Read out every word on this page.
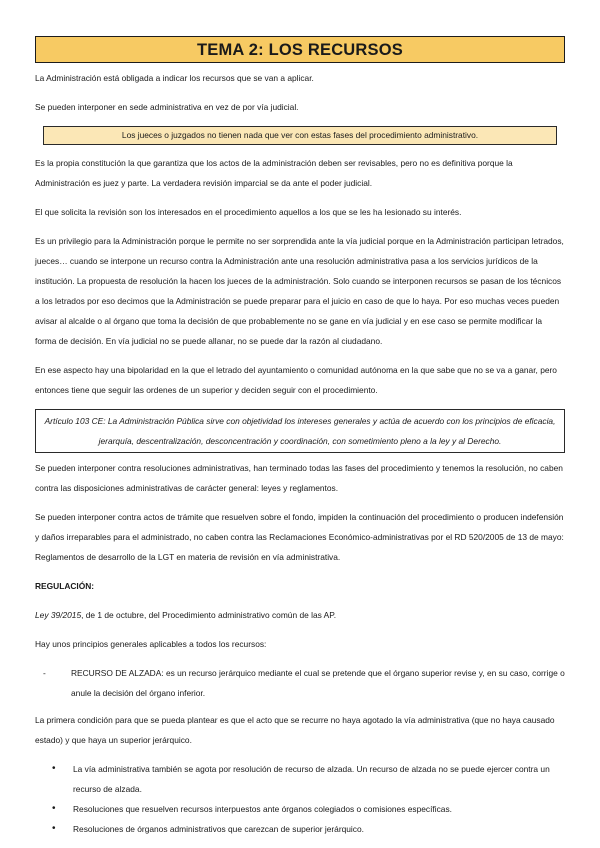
TEMA 2: LOS RECURSOS

La Administración está obligada a indicar los recursos que se van a aplicar.

Se pueden interponer en sede administrativa en vez de por vía judicial.

Los jueces o juzgados no tienen nada que ver con estas fases del procedimiento administrativo.

Es la propia constitución la que garantiza que los actos de la administración deben ser revisables, pero no es definitiva porque la Administración es juez y parte. La verdadera revisión imparcial se da ante el poder judicial.

El que solicita la revisión son los interesados en el procedimiento aquellos a los que se les ha lesionado su interés.

Es un privilegio para la Administración porque le permite no ser sorprendida ante la vía judicial porque en la Administración participan letrados, jueces… cuando se interpone un recurso contra la Administración ante una resolución administrativa pasa a los servicios jurídicos de la institución. La propuesta de resolución la hacen los jueces de la administración. Solo cuando se interponen recursos se pasan de los técnicos a los letrados por eso decimos que la Administración se puede preparar para el juicio en caso de que lo haya. Por eso muchas veces pueden avisar al alcalde o al órgano que toma la decisión de que probablemente no se gane en vía judicial y en ese caso se permite modificar la forma de decisión. En vía judicial no se puede allanar, no se puede dar la razón al ciudadano.

En ese aspecto hay una bipolaridad en la que el letrado del ayuntamiento o comunidad autónoma en la que sabe que no se va a ganar, pero entonces tiene que seguir las ordenes de un superior y deciden seguir con el procedimiento.

Artículo 103 CE: La Administración Pública sirve con objetividad los intereses generales y actúa de acuerdo con los principios de eficacia, jerarquía, descentralización, desconcentración y coordinación, con sometimiento pleno a la ley y al Derecho.

Se pueden interponer contra resoluciones administrativas, han terminado todas las fases del procedimiento y tenemos la resolución, no caben contra las disposiciones administrativas de carácter general: leyes y reglamentos.

Se pueden interponer contra actos de trámite que resuelven sobre el fondo, impiden la continuación del procedimiento o producen indefensión y daños irreparables para el administrado, no caben contra las Reclamaciones Económico-administrativas por el RD 520/2005 de 13 de mayo: Reglamentos de desarrollo de la LGT en materia de revisión en vía administrativa.

REGULACIÓN:

Ley 39/2015, de 1 de octubre, del Procedimiento administrativo común de las AP.

Hay unos principios generales aplicables a todos los recursos:

- RECURSO DE ALZADA: es un recurso jerárquico mediante el cual se pretende que el órgano superior revise y, en su caso, corrige o anule la decisión del órgano inferior.

La primera condición para que se pueda plantear es que el acto que se recurre no haya agotado la vía administrativa (que no haya causado estado) y que haya un superior jerárquico.

• La vía administrativa también se agota por resolución de recurso de alzada. Un recurso de alzada no se puede ejercer contra un recurso de alzada.
• Resoluciones que resuelven recursos interpuestos ante órganos colegiados o comisiones específicas.
• Resoluciones de órganos administrativos que carezcan de superior jerárquico.
